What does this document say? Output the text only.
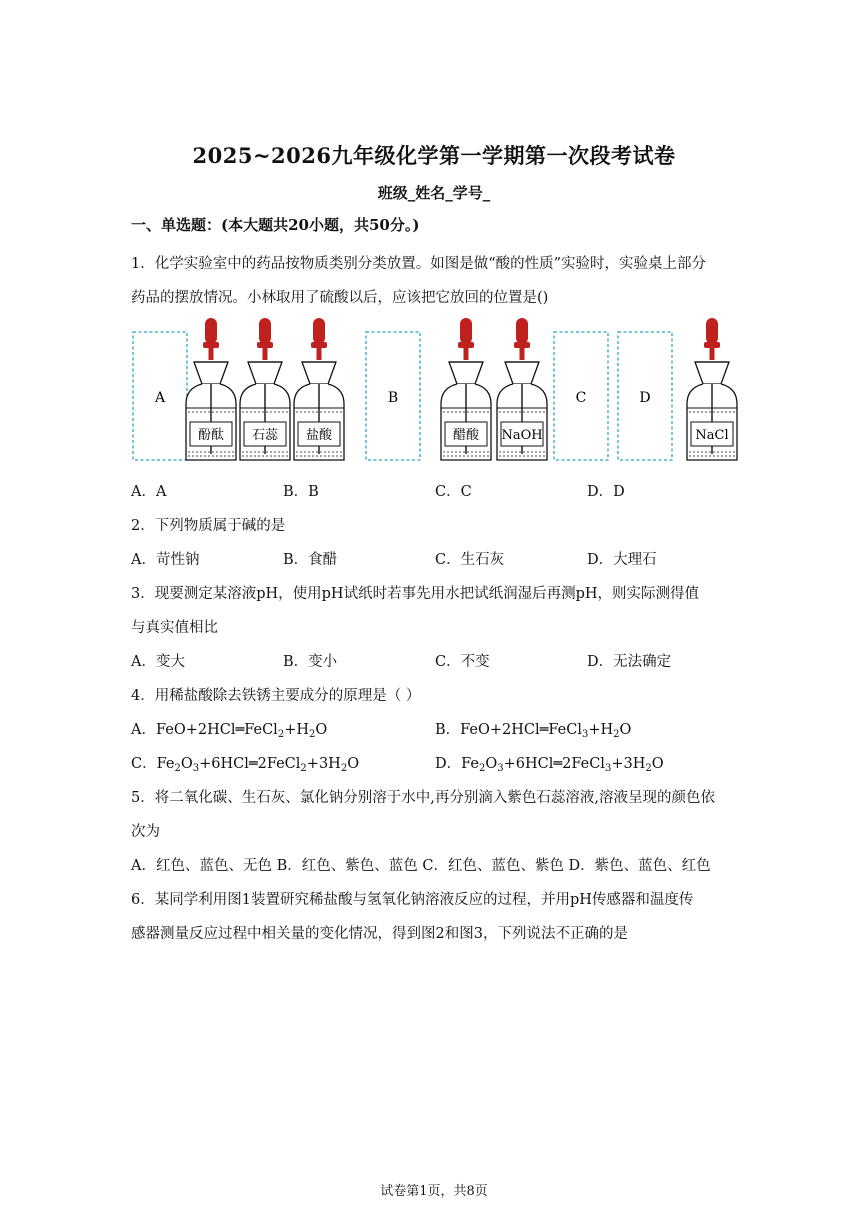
2025~2026九年级化学第一学期第一次段考试卷
班级_姓名_学号_
一、单选题：(本大题共20小题，共50分。)
1．化学实验室中的药品按物质类别分类放置。如图是做“酸的性质”实验时，实验桌上部分
药品的摆放情况。小林取用了硫酸以后，应该把它放回的位置是()
A	B	C	D
酚酞 石蕊 盐酸	醋酸 NaOH	NaCl
A．A	B．B	C．C	D．D
2．下列物质属于碱的是
A．苛性钠	B．食醋	C．生石灰	D．大理石
3．现要测定某溶液pH，使用pH试纸时若事先用水把试纸润湿后再测pH，则实际测得值
与真实值相比
A．变大	B．变小	C．不变	D．无法确定
4．用稀盐酸除去铁锈主要成分的原理是（ ）
A．$FeO+2HCl═FeCl_2+H_2O$	B．$FeO+2HCl═FeCl_3+H_2O$
C．$Fe_2O_3+6HCl═2FeCl_2+3H_2O$	D．$Fe_2O_3+6HCl═2FeCl_3+3H_2O$
5．将二氧化碳、生石灰、氯化钠分别溶于水中,再分别滴入紫色石蕊溶液,溶液呈现的颜色依
次为
A．红色、蓝色、无色 B．红色、紫色、蓝色 C．红色、蓝色、紫色 D．紫色、蓝色、红色
6．某同学利用图1装置研究稀盐酸与氢氧化钠溶液反应的过程，并用pH传感器和温度传
感器测量反应过程中相关量的变化情况，得到图2和图3，下列说法不正确的是
试卷第1页，共8页
